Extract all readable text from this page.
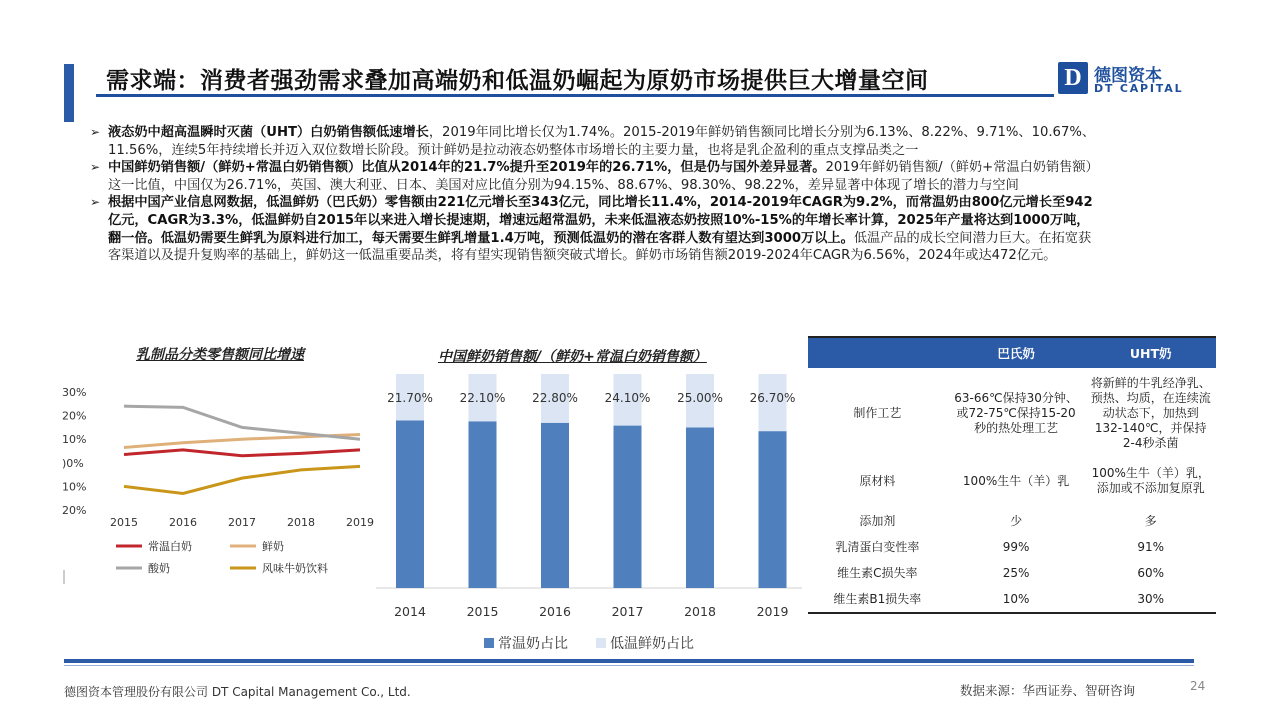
需求端：消费者强劲需求叠加高端奶和低温奶崛起为原奶市场提供巨大增量空间	D 德图资本
DT CAPITAL
➢ 液态奶中超高温瞬时灭菌（UHT）白奶销售额低速增长，2019年同比增长仅为1.74%。2015-2019年鲜奶销售额同比增长分别为6.13%、8.22%、9.71%、10.67%、11.56%，连续5年持续增长并迈入双位数增长阶段。预计鲜奶是拉动液态奶整体市场增长的主要力量，也将是乳企盈利的重点支撑品类之一
➢ 中国鲜奶销售额/（鲜奶+常温白奶销售额）比值从2014年的21.7%提升至2019年的26.71%，但是仍与国外差异显著。2019年鲜奶销售额/（鲜奶+常温白奶销售额）这一比值，中国仅为26.71%，英国、澳大利亚、日本、美国对应比值分别为94.15%、88.67%、98.30%、98.22%，差异显著中体现了增长的潜力与空间
➢ 根据中国产业信息网数据，低温鲜奶（巴氏奶）零售额由221亿元增长至343亿元，同比增长11.4%，2014-2019年CAGR为9.2%，而常温奶由800亿元增长至942亿元，CAGR为3.3%，低温鲜奶自2015年以来进入增长提速期，增速远超常温奶，未来低温液态奶按照10%-15%的年增长率计算，2025年产量将达到1000万吨，翻一倍。低温奶需要生鲜乳为原料进行加工，每天需要生鲜乳增量1.4万吨，预测低温奶的潜在客群人数有望达到3000万以上。低温产品的成长空间潜力巨大。在拓宽获客渠道以及提升复购率的基础上，鲜奶这一低温重要品类，将有望实现销售额突破式增长。鲜奶市场销售额2019-2024年CAGR为6.56%，2024年或达472亿元。
乳制品分类零售额同比增速	中国鲜奶销售额/（鲜奶+常温白奶销售额）
30%
20%
10%
)0%
10%
20%
2015	2016	2017	2018	2019
常温白奶	鲜奶
酸奶	风味牛奶饮料
21.70%
2014
22.10%
2015
22.80%
2016
24.10%
2017
25.00%
2018
26.70%
2019
常温奶占比	低温鲜奶占比
	巴氏奶	UHT奶
制作工艺	63-66℃保持30分钟、或72-75℃保持15-20秒的热处理工艺	将新鲜的牛乳经净乳、预热、均质，在连续流动状态下，加热到132-140℃，并保持2-4秒杀菌
原材料	100%生牛（羊）乳	100%生牛（羊）乳，添加或不添加复原乳
添加剂	少	多
乳清蛋白变性率	99%	91%
维生素C损失率	25%	60%
维生素B1损失率	10%	30%
德图资本管理股份有限公司 DT Capital Management Co., Ltd.	数据来源：华西证券、智研咨询	24
